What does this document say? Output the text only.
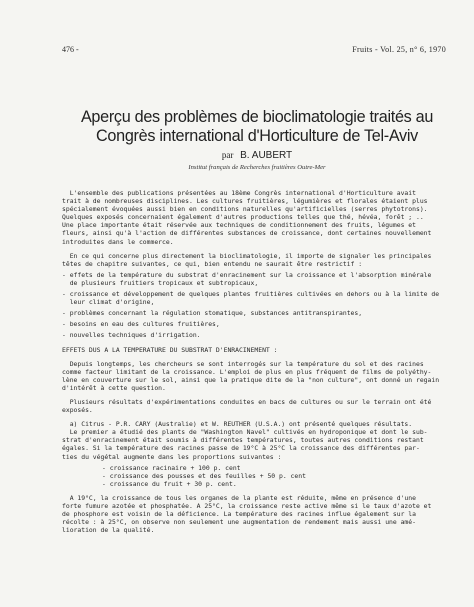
476 -	Fruits - Vol. 25, n° 6, 1970
Aperçu des problèmes de bioclimatologie traités au
Congrès international d'Horticulture de Tel-Aviv
par B. AUBERT
Institut français de Recherches fruitières Outre-Mer
L'ensemble des publications présentées au 18ème Congrès international d'Horticulture avait
trait à de nombreuses disciplines. Les cultures fruitières, légumières et florales étaient plus
spécialement évoquées aussi bien en conditions naturelles qu'artificielles (serres phytotrons).
Quelques exposés concernaient également d'autres productions telles que thé, hévéa, forêt ; ..
Une place importante était réservée aux techniques de conditionnement des fruits, légumes et
fleurs, ainsi qu'à l'action de différentes substances de croissance, dont certaines nouvellement
introduites dans le commerce.
En ce qui concerne plus directement la bioclimatologie, il importe de signaler les principales
têtes de chapitre suivantes, ce qui, bien entendu ne saurait être restrictif :
- effets de la température du substrat d'enracinement sur la croissance et l'absorption minérale
de plusieurs fruitiers tropicaux et subtropicaux,
- croissance et développement de quelques plantes fruitières cultivées en dehors ou à la limite de
leur climat d'origine,
- problèmes concernant la régulation stomatique, substances antitranspirantes,
- besoins en eau des cultures fruitières,
- nouvelles techniques d'irrigation.
EFFETS DUS A LA TEMPERATURE DU SUBSTRAT D'ENRACINEMENT :
Depuis longtemps, les chercheurs se sont interrogés sur la température du sol et des racines
comme facteur limitant de la croissance. L'emploi de plus en plus fréquent de films de polyéthy-
lène en couverture sur le sol, ainsi que la pratique dite de la "non culture", ont donné un regain
d'intérêt à cette question.
Plusieurs résultats d'expérimentations conduites en bacs de cultures ou sur le terrain ont été
exposés.
a) Citrus - P.R. CARY (Australie) et W. REUTHER (U.S.A.) ont présenté quelques résultats.
Le premier a étudié des plants de "Washington Navel" cultivés en hydroponique et dont le sub-
strat d'enracinement était soumis à différentes températures, toutes autres conditions restant
égales. Si la température des racines passe de 19°C à 25°C la croissance des différentes par-
ties du végétal augmente dans les proportions suivantes :
- croissance racinaire + 100 p. cent
- croissance des pousses et des feuilles + 50 p. cent
- croissance du fruit + 30 p. cent.
A 19°C, la croissance de tous les organes de la plante est réduite, même en présence d'une
forte fumure azotée et phosphatée. A 25°C, la croissance reste active même si le taux d'azote et
de phosphore est voisin de la déficience. La température des racines influe également sur la
récolte : à 25°C, on observe non seulement une augmentation de rendement mais aussi une amé-
lioration de la qualité.
